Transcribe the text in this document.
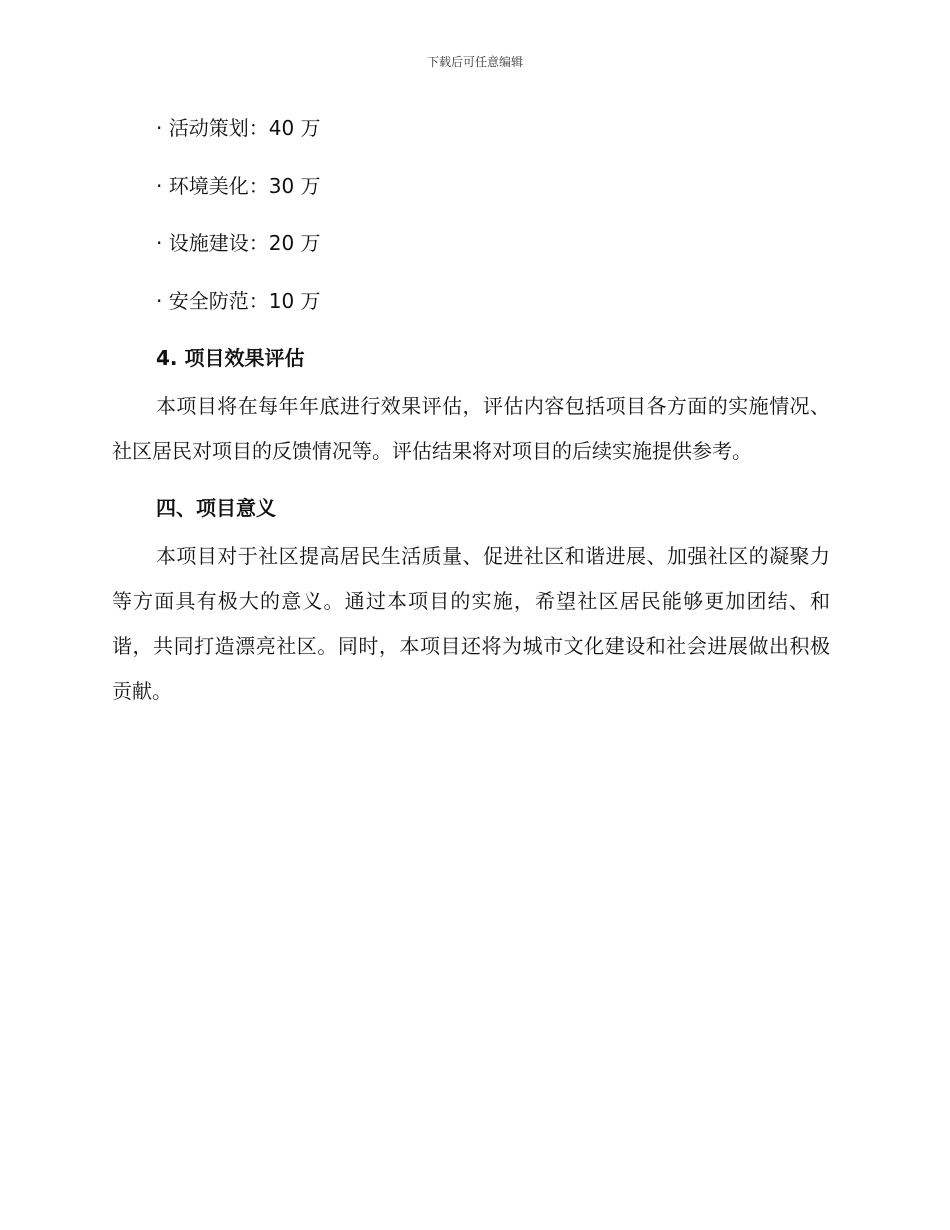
下载后可任意编辑
· 活动策划：40 万
· 环境美化：30 万
· 设施建设：20 万
· 安全防范：10 万
4. 项目效果评估

本项目将在每年年底进行效果评估，评估内容包括项目各方面的实施情况、社区居民对项目的反馈情况等。评估结果将对项目的后续实施提供参考。

四、项目意义

本项目对于社区提高居民生活质量、促进社区和谐进展、加强社区的凝聚力等方面具有极大的意义。通过本项目的实施，希望社区居民能够更加团结、和谐，共同打造漂亮社区。同时，本项目还将为城市文化建设和社会进展做出积极贡献。
